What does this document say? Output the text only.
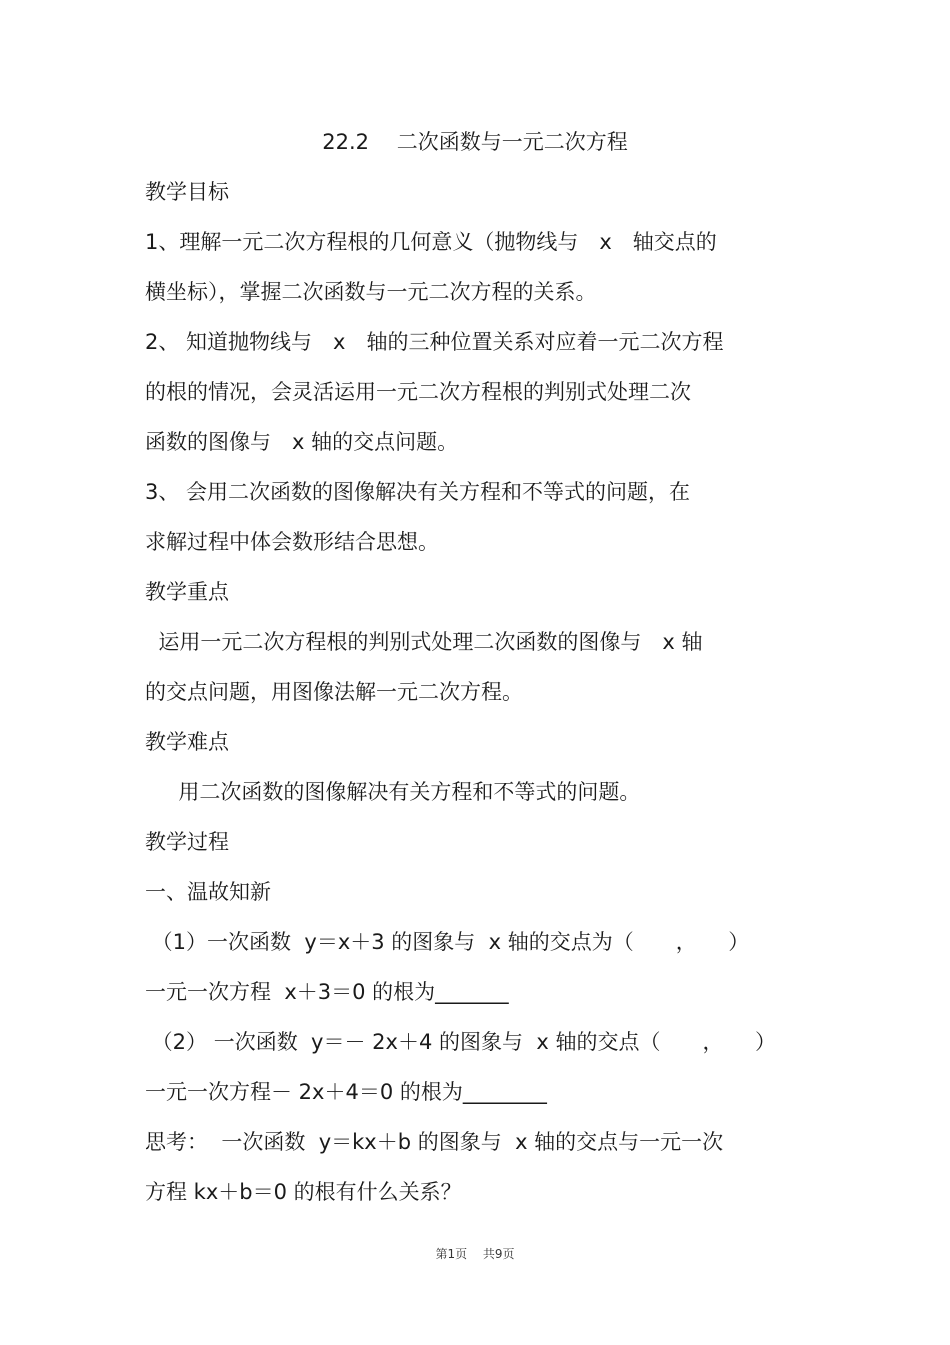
22.2　 二次函数与一元二次方程
教学目标
1、理解一元二次方程根的几何意义（抛物线与　x　轴交点的
横坐标），掌握二次函数与一元二次方程的关系。
2、 知道抛物线与　x　轴的三种位置关系对应着一元二次方程
的根的情况，会灵活运用一元二次方程根的判别式处理二次
函数的图像与　x 轴的交点问题。
3、 会用二次函数的图像解决有关方程和不等式的问题，在
求解过程中体会数形结合思想。
教学重点
运用一元二次方程根的判别式处理二次函数的图像与　x 轴
的交点问题，用图像法解一元二次方程。
教学难点
用二次函数的图像解决有关方程和不等式的问题。
教学过程
一、温故知新
（1）一次函数  y＝x＋3 的图象与  x 轴的交点为（　　，　　）
一元一次方程  x＋3＝0 的根为_______
（2） 一次函数  y＝－ 2x＋4 的图象与  x 轴的交点（　　，　　）
一元一次方程－ 2x＋4＝0 的根为________
思考：  一次函数  y＝kx＋b 的图象与  x 轴的交点与一元一次
方程 kx＋b＝0 的根有什么关系？
第1页　 共9页
